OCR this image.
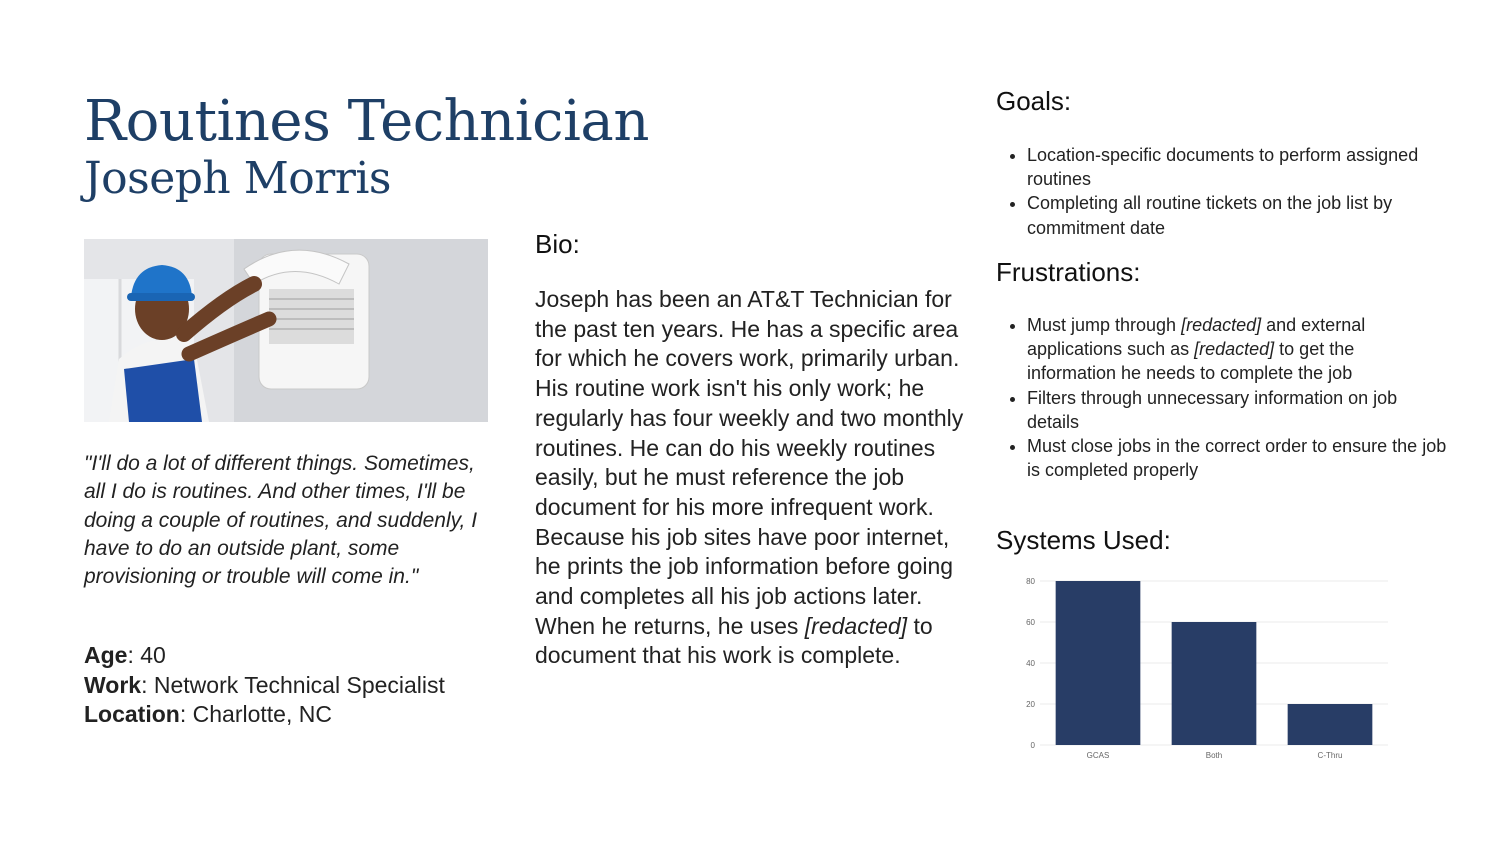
Routines Technician
Joseph Morris

"I'll do a lot of different things. Sometimes, all I do is routines. And other times, I'll be doing a couple of routines, and suddenly, I have to do an outside plant, some provisioning or trouble will come in."

Age: 40
Work: Network Technical Specialist
Location: Charlotte, NC
Bio:

Joseph has been an AT&T Technician for the past ten years. He has a specific area for which he covers work, primarily urban. His routine work isn't his only work; he regularly has four weekly and two monthly routines. He can do his weekly routines easily, but he must reference the job document for his more infrequent work. Because his job sites have poor internet, he prints the job information before going and completes all his job actions later. When he returns, he uses [redacted] to document that his work is complete.

Goals:
• Location-specific documents to perform assigned routines
• Completing all routine tickets on the job list by commitment date
Frustrations:
• Must jump through [redacted] and external applications such as [redacted] to get the information he needs to complete the job
• Filters through unnecessary information on job details
• Must close jobs in the correct order to ensure the job is completed properly
Systems Used:
0
20
40
60
80
GCAS	Both	C-Thru
